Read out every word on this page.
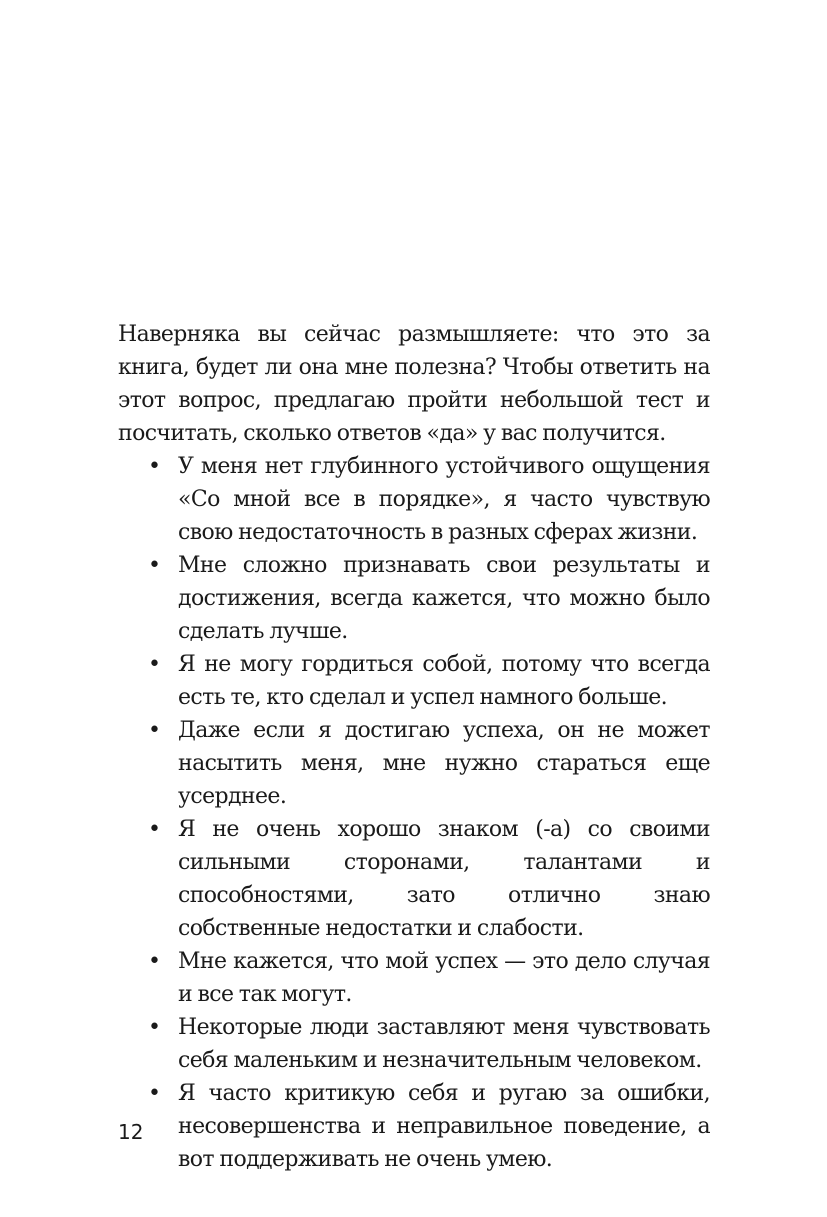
Наверняка вы сейчас размышляете: что это за книга, будет ли она мне полезна? Чтобы ответить на этот вопрос, предлагаю пройти небольшой тест и посчитать, сколько ответов «да» у вас получится.

• У меня нет глубинного устойчивого ощущения «Со мной все в порядке», я часто чувствую свою недостаточность в разных сферах жизни.
• Мне сложно признавать свои результаты и достижения, всегда кажется, что можно было сделать лучше.
• Я не могу гордиться собой, потому что всегда есть те, кто сделал и успел намного больше.
• Даже если я достигаю успеха, он не может насытить меня, мне нужно стараться еще усерднее.
• Я не очень хорошо знаком (-а) со своими сильными сторонами, талантами и способностями, зато отлично знаю собственные недостатки и слабости.
• Мне кажется, что мой успех — это дело случая и все так могут.
• Некоторые люди заставляют меня чувствовать себя маленьким и незначительным человеком.
• Я часто критикую себя и ругаю за ошибки, несовершенства и неправильное поведение, а вот поддерживать не очень умею.
12
